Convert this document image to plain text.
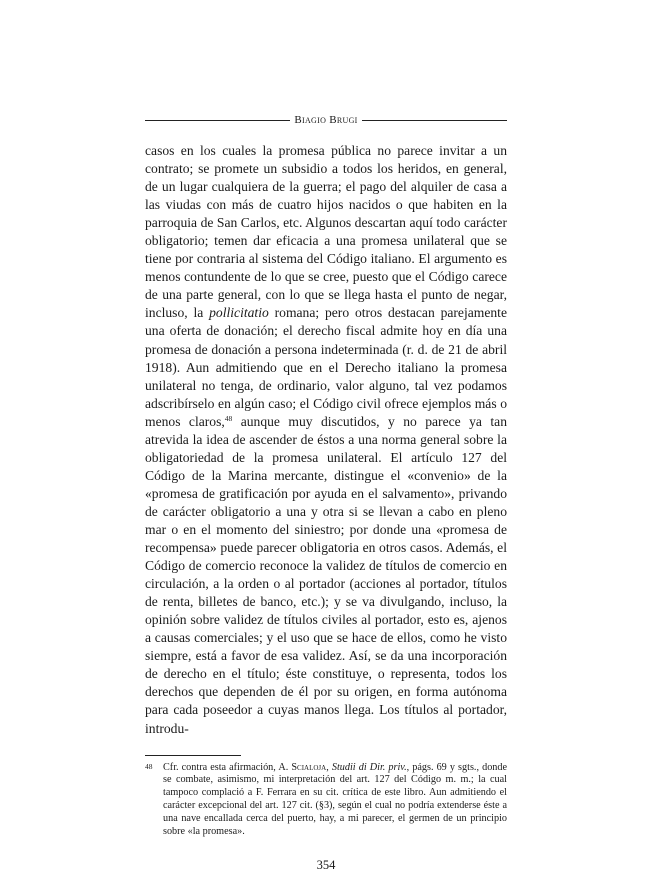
Biagio Brugi

casos en los cuales la promesa pública no parece invitar a un contrato; se promete un subsidio a todos los heridos, en general, de un lugar cualquiera de la guerra; el pago del alquiler de casa a las viudas con más de cuatro hijos nacidos o que habiten en la parroquia de San Carlos, etc. Algunos descartan aquí todo carácter obligatorio; temen dar eficacia a una promesa unilateral que se tiene por contraria al sistema del Código italiano. El argumento es menos contundente de lo que se cree, puesto que el Código carece de una parte general, con lo que se llega hasta el punto de negar, incluso, la pollicitatio romana; pero otros destacan parejamente una oferta de donación; el derecho fiscal admite hoy en día una promesa de donación a persona indeterminada (r. d. de 21 de abril 1918). Aun admitiendo que en el Derecho italiano la promesa unilateral no tenga, de ordinario, valor alguno, tal vez podamos adscribírselo en algún caso; el Código civil ofrece ejemplos más o menos claros,$^{48}$ aunque muy discutidos, y no parece ya tan atrevida la idea de ascender de éstos a una norma general sobre la obligatoriedad de la promesa unilateral. El artículo 127 del Código de la Marina mercante, distingue el «convenio» de la «promesa de gratificación por ayuda en el salvamento», privando de carácter obligatorio a una y otra si se llevan a cabo en pleno mar o en el momento del siniestro; por donde una «promesa de recompensa» puede parecer obligatoria en otros casos. Además, el Código de comercio reconoce la validez de títulos de comercio en circulación, a la orden o al portador (acciones al portador, títulos de renta, billetes de banco, etc.); y se va divulgando, incluso, la opinión sobre validez de títulos civiles al portador, esto es, ajenos a causas comerciales; y el uso que se hace de ellos, como he visto siempre, está a favor de esa validez. Así, se da una incorporación de derecho en el título; éste constituye, o representa, todos los derechos que dependen de él por su origen, en forma autónoma para cada poseedor a cuyas manos llega. Los títulos al portador, introdu-

48 Cfr. contra esta afirmación, A. Scialoja, Studii di Dir. priv., págs. 69 y sgts., donde se combate, asimismo, mi interpretación del art. 127 del Código m. m.; la cual tampoco complació a F. Ferrara en su cit. crítica de este libro. Aun admitiendo el carácter excepcional del art. 127 cit. (§3), según el cual no podría extenderse éste a una nave encallada cerca del puerto, hay, a mi parecer, el germen de un principio sobre «la promesa».
354
